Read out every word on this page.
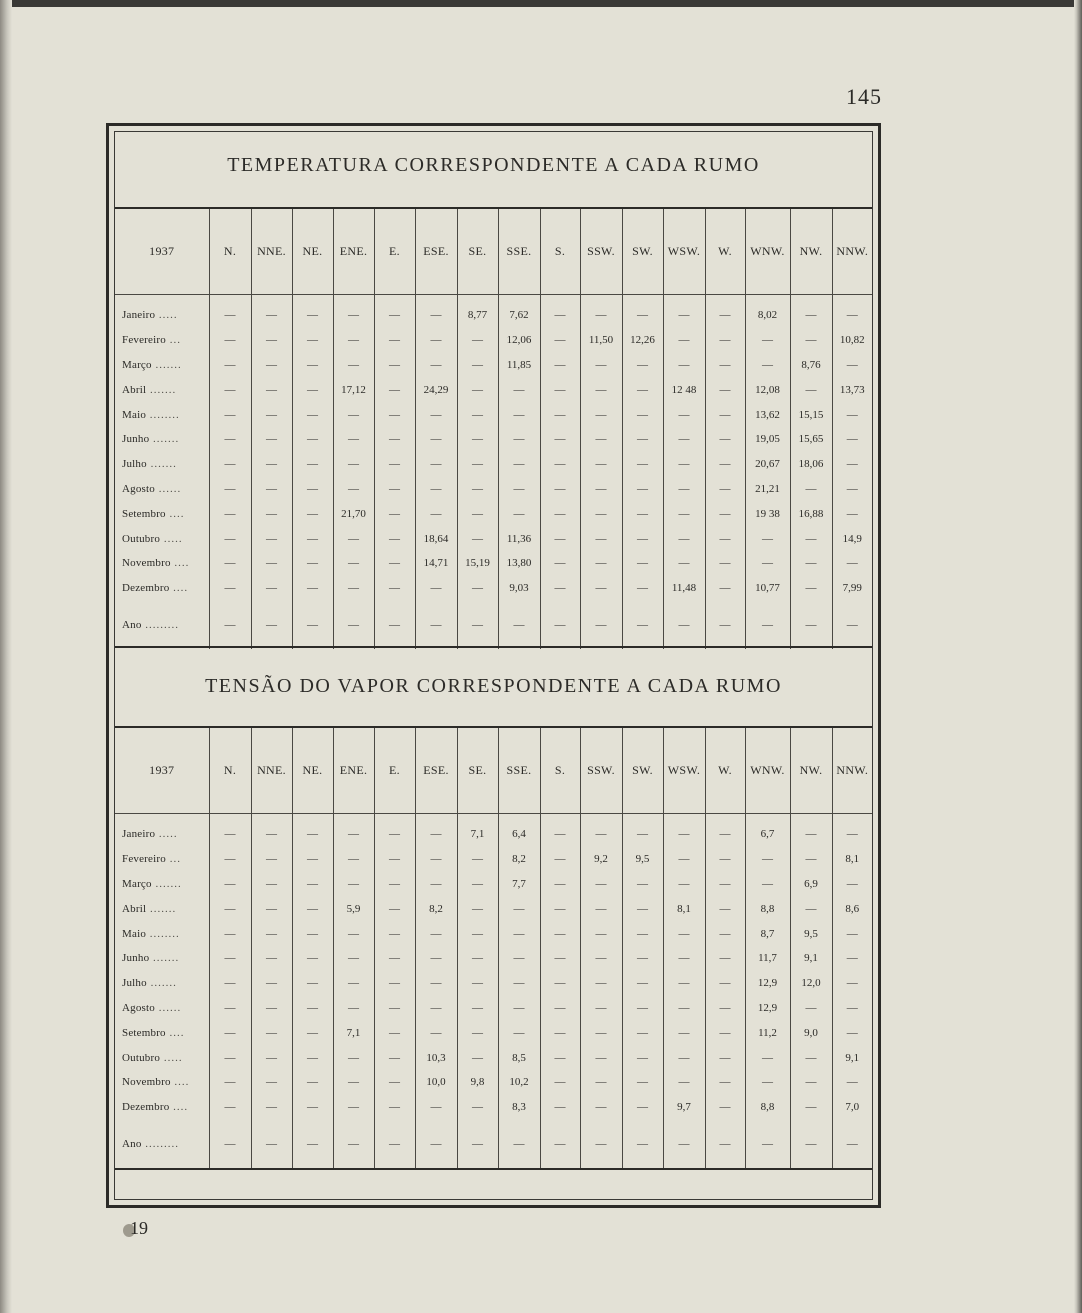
145
TEMPERATURA CORRESPONDENTE A CADA RUMO
1937	N.	NNE.	NE.	ENE.	E.	ESE.	SE.	SSE.	S.	SSW.	SW.	WSW.	W.	WNW.	NW.	NNW.

Janeiro .....	—	—	—	—	—	—	8,77	7,62	—	—	—	—	—	8,02	—	—
Fevereiro ...	—	—	—	—	—	—	—	12,06	—	11,50	12,26	—	—	—	—	10,82
Março .......	—	—	—	—	—	—	—	11,85	—	—	—	—	—	—	8,76	—
Abril .......	—	—	—	17,12	—	24,29	—	—	—	—	—	12 48	—	12,08	—	13,73
Maio ........	—	—	—	—	—	—	—	—	—	—	—	—	—	13,62	15,15	—
Junho .......	—	—	—	—	—	—	—	—	—	—	—	—	—	19,05	15,65	—
Julho .......	—	—	—	—	—	—	—	—	—	—	—	—	—	20,67	18,06	—
Agosto ......	—	—	—	—	—	—	—	—	—	—	—	—	—	21,21	—	—
Setembro ....	—	—	—	21,70	—	—	—	—	—	—	—	—	—	19 38	16,88	—
Outubro .....	—	—	—	—	—	18,64	—	11,36	—	—	—	—	—	—	—	14,9
Novembro ....	—	—	—	—	—	14,71	15,19	13,80	—	—	—	—	—	—	—	—
Dezembro ....	—	—	—	—	—	—	—	9,03	—	—	—	11,48	—	10,77	—	7,99
Ano .........	—	—	—	—	—	—	—	—	—	—	—	—	—	—	—	—
TENSÃO DO VAPOR CORRESPONDENTE A CADA RUMO
1937	N.	NNE.	NE.	ENE.	E.	ESE.	SE.	SSE.	S.	SSW.	SW.	WSW.	W.	WNW.	NW.	NNW.

Janeiro .....	—	—	—	—	—	—	7,1	6,4	—	—	—	—	—	6,7	—	—
Fevereiro ...	—	—	—	—	—	—	—	8,2	—	9,2	9,5	—	—	—	—	8,1
Março .......	—	—	—	—	—	—	—	7,7	—	—	—	—	—	—	6,9	—
Abril .......	—	—	—	5,9	—	8,2	—	—	—	—	—	8,1	—	8,8	—	8,6
Maio ........	—	—	—	—	—	—	—	—	—	—	—	—	—	8,7	9,5	—
Junho .......	—	—	—	—	—	—	—	—	—	—	—	—	—	11,7	9,1	—
Julho .......	—	—	—	—	—	—	—	—	—	—	—	—	—	12,9	12,0	—
Agosto ......	—	—	—	—	—	—	—	—	—	—	—	—	—	12,9	—	—
Setembro ....	—	—	—	7,1	—	—	—	—	—	—	—	—	—	11,2	9,0	—
Outubro .....	—	—	—	—	—	10,3	—	8,5	—	—	—	—	—	—	—	9,1
Novembro ....	—	—	—	—	—	10,0	9,8	10,2	—	—	—	—	—	—	—	—
Dezembro ....	—	—	—	—	—	—	—	8,3	—	—	—	9,7	—	8,8	—	7,0
Ano .........	—	—	—	—	—	—	—	—	—	—	—	—	—	—	—	—
19
